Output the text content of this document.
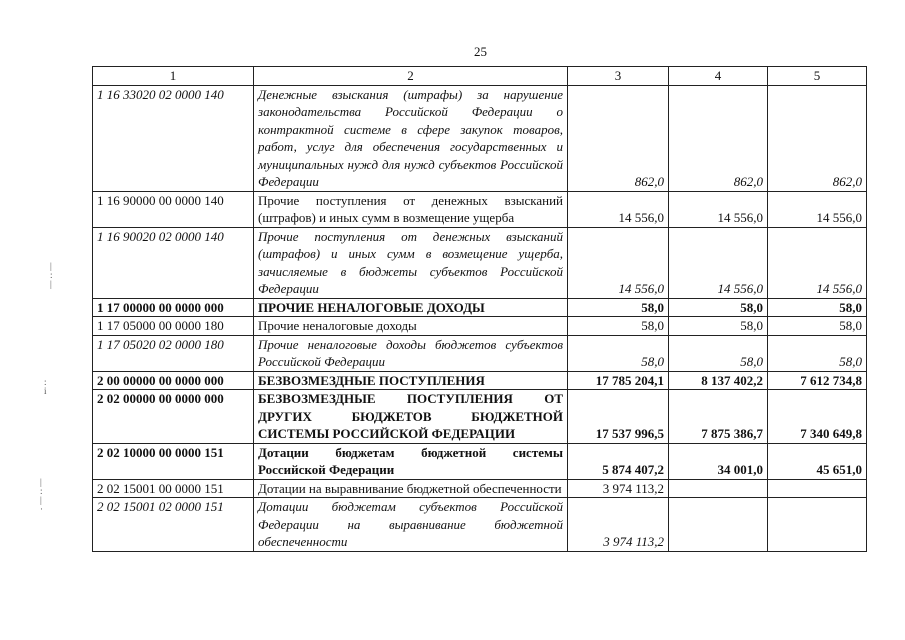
25
|
:
|
:
i
|
:
|
·
1	2	3	4	5
1 16 33020 02 0000 140	Денежные взыскания (штрафы) за нарушение законодательства Российской Федерации о контрактной системе в сфере закупок товаров, работ, услуг для обеспечения государственных и муниципальных нужд для нужд субъектов Российской Федерации	862,0	862,0	862,0
1 16 90000 00 0000 140	Прочие поступления от денежных взысканий (штрафов) и иных сумм в возмещение ущерба	14 556,0	14 556,0	14 556,0
1 16 90020 02 0000 140	Прочие поступления от денежных взысканий (штрафов) и иных сумм в возмещение ущерба, зачисляемые в бюджеты субъектов Российской Федерации	14 556,0	14 556,0	14 556,0
1 17 00000 00 0000 000	ПРОЧИЕ НЕНАЛОГОВЫЕ ДОХОДЫ	58,0	58,0	58,0
1 17 05000 00 0000 180	Прочие неналоговые доходы	58,0	58,0	58,0
1 17 05020 02 0000 180	Прочие неналоговые доходы бюджетов субъектов Российской Федерации	58,0	58,0	58,0
2 00 00000 00 0000 000	БЕЗВОЗМЕЗДНЫЕ ПОСТУПЛЕНИЯ	17 785 204,1	8 137 402,2	7 612 734,8
2 02 00000 00 0000 000	БЕЗВОЗМЕЗДНЫЕ ПОСТУПЛЕНИЯ ОТ ДРУГИХ БЮДЖЕТОВ БЮДЖЕТНОЙ СИСТЕМЫ РОССИЙСКОЙ ФЕДЕРАЦИИ	17 537 996,5	7 875 386,7	7 340 649,8
2 02 10000 00 0000 151	Дотации бюджетам бюджетной системы Российской Федерации	5 874 407,2	34 001,0	45 651,0
2 02 15001 00 0000 151	Дотации на выравнивание бюджетной обеспеченности	3 974 113,2		
2 02 15001 02 0000 151	Дотации бюджетам субъектов Российской Федерации на выравнивание бюджетной обеспеченности	3 974 113,2		
